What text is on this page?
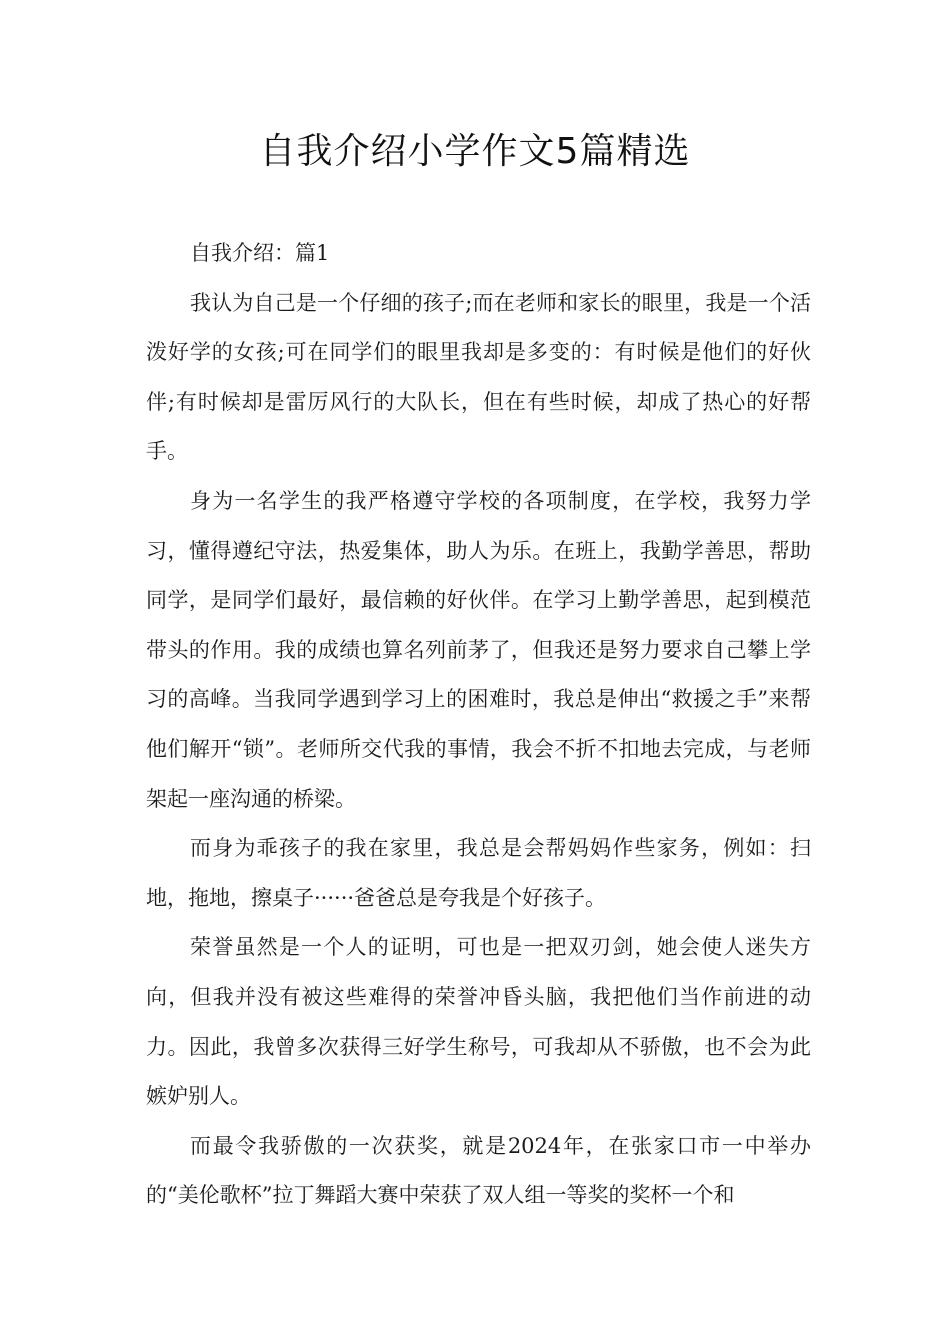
自我介绍小学作文5篇精选

自我介绍：篇1

我认为自己是一个仔细的孩子;而在老师和家长的眼里，我是一个活泼好学的女孩;可在同学们的眼里我却是多变的：有时候是他们的好伙伴;有时候却是雷厉风行的大队长，但在有些时候，却成了热心的好帮手。

身为一名学生的我严格遵守学校的各项制度，在学校，我努力学习，懂得遵纪守法，热爱集体，助人为乐。在班上，我勤学善思，帮助同学，是同学们最好，最信赖的好伙伴。在学习上勤学善思，起到模范带头的作用。我的成绩也算名列前茅了，但我还是努力要求自己攀上学习的高峰。当我同学遇到学习上的困难时，我总是伸出“救援之手”来帮他们解开“锁”。老师所交代我的事情，我会不折不扣地去完成，与老师架起一座沟通的桥梁。

而身为乖孩子的我在家里，我总是会帮妈妈作些家务，例如：扫地，拖地，擦桌子······爸爸总是夸我是个好孩子。

荣誉虽然是一个人的证明，可也是一把双刃剑，她会使人迷失方向，但我并没有被这些难得的荣誉冲昏头脑，我把他们当作前进的动力。因此，我曾多次获得三好学生称号，可我却从不骄傲，也不会为此嫉妒别人。

而最令我骄傲的一次获奖，就是2024年，在张家口市一中举办的“美伦歌杯”拉丁舞蹈大赛中荣获了双人组一等奖的奖杯一个和
